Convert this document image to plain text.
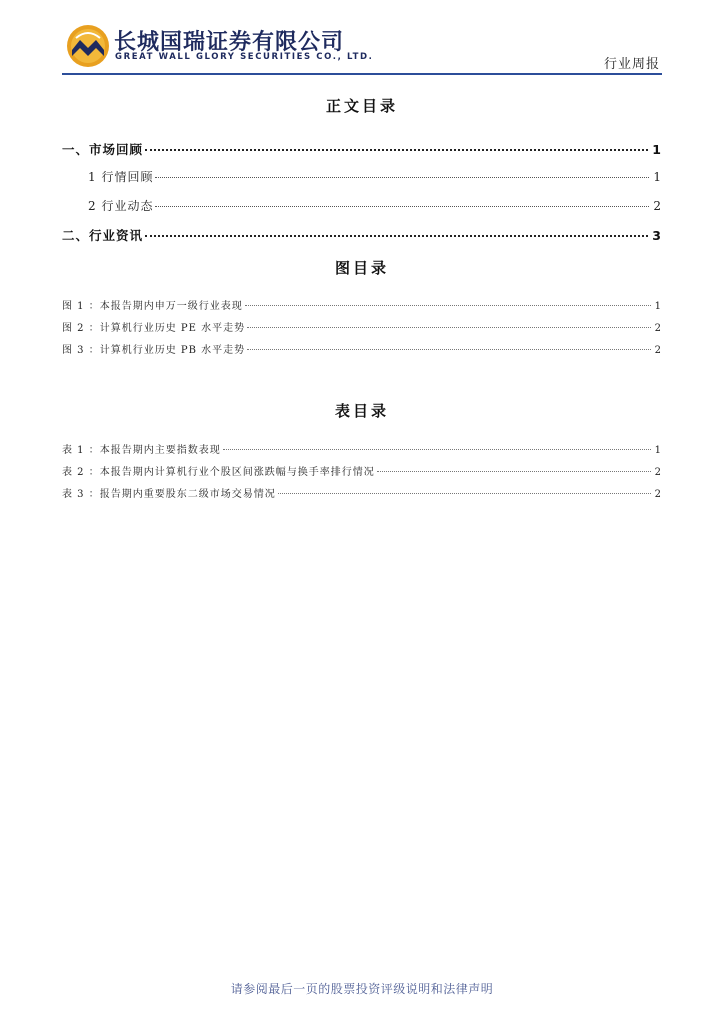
长城国瑞证券有限公司
GREAT WALL GLORY SECURITIES CO., LTD.	行业周报
正文目录
一、市场回顾	1
1 行情回顾	1
2 行业动态	2
二、行业资讯	3
图目录
图 1 ：本报告期内申万一级行业表现	1
图 2 ：计算机行业历史 PE 水平走势	2
图 3 ：计算机行业历史 PB 水平走势	2
表目录
表 1 ：本报告期内主要指数表现	1
表 2 ：本报告期内计算机行业个股区间涨跌幅与换手率排行情况	2
表 3 ：报告期内重要股东二级市场交易情况	2
请参阅最后一页的股票投资评级说明和法律声明
